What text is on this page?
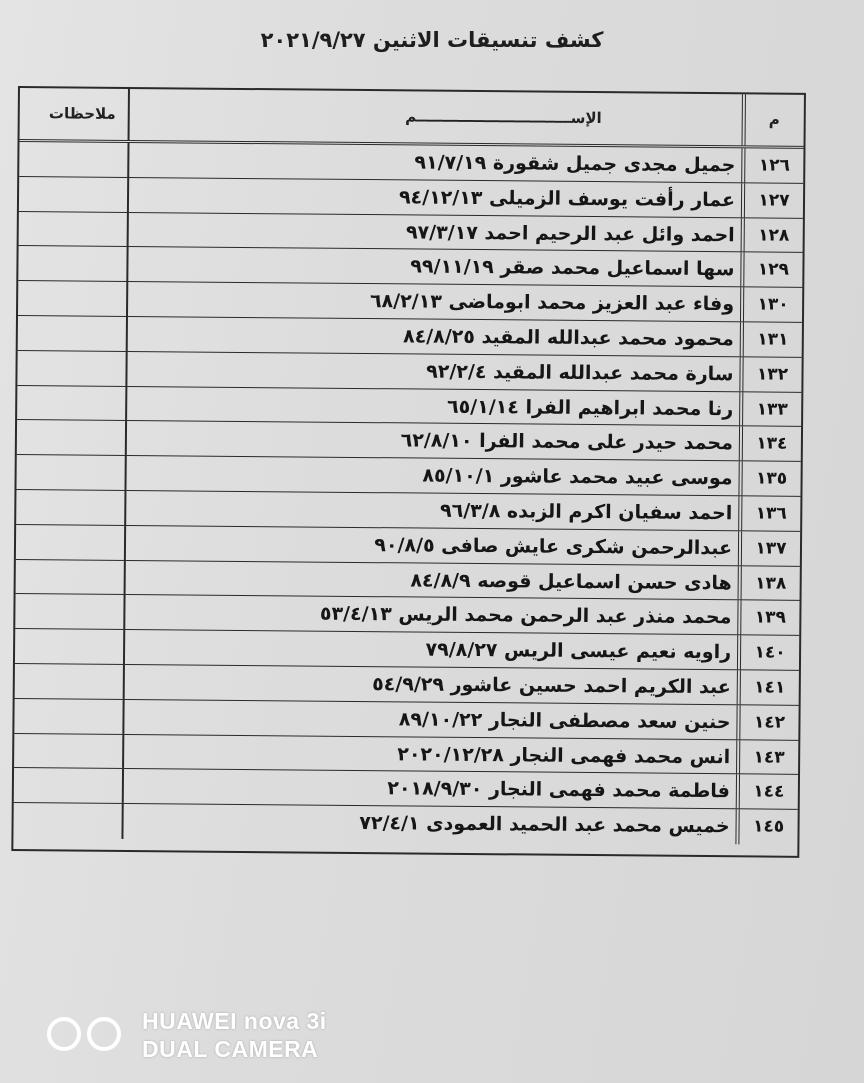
كشف تنسيقات الاثنين ٢٠٢١/٩/٢٧
ملاحظات	الإســــــــــــــــــــــــــــــم	م
جميل مجدى جميل شقورة ٩١/٧/١٩	١٢٦
عمار رأفت يوسف الزميلى ٩٤/١٢/١٣	١٢٧
احمد وائل عبد الرحيم احمد ٩٧/٣/١٧	١٢٨
سها اسماعيل محمد صقر ٩٩/١١/١٩	١٢٩
وفاء عبد العزيز محمد ابوماضى ٦٨/٢/١٣	١٣٠
محمود محمد عبدالله المقيد ٨٤/٨/٢٥	١٣١
سارة محمد عبدالله المقيد ٩٢/٢/٤	١٣٢
رنا محمد ابراهيم الفرا ٦٥/١/١٤	١٣٣
محمد حيدر على محمد الفرا ٦٢/٨/١٠	١٣٤
موسى عبيد محمد عاشور ٨٥/١٠/١	١٣٥
احمد سفيان اكرم الزبده ٩٦/٣/٨	١٣٦
عبدالرحمن شكرى عايش صافى ٩٠/٨/٥	١٣٧
هادى حسن اسماعيل قوصه ٨٤/٨/٩	١٣٨
محمد منذر عبد الرحمن محمد الريس ٥٣/٤/١٣	١٣٩
راويه نعيم عيسى الريس ٧٩/٨/٢٧	١٤٠
عبد الكريم احمد حسين عاشور ٥٤/٩/٢٩	١٤١
حنين سعد مصطفى النجار ٨٩/١٠/٢٢	١٤٢
انس محمد فهمى النجار ٢٠٢٠/١٢/٢٨	١٤٣
فاطمة محمد فهمى النجار ٢٠١٨/٩/٣٠	١٤٤
خميس محمد عبد الحميد العمودى ٧٢/٤/١	١٤٥
HUAWEI nova 3i
DUAL CAMERA
